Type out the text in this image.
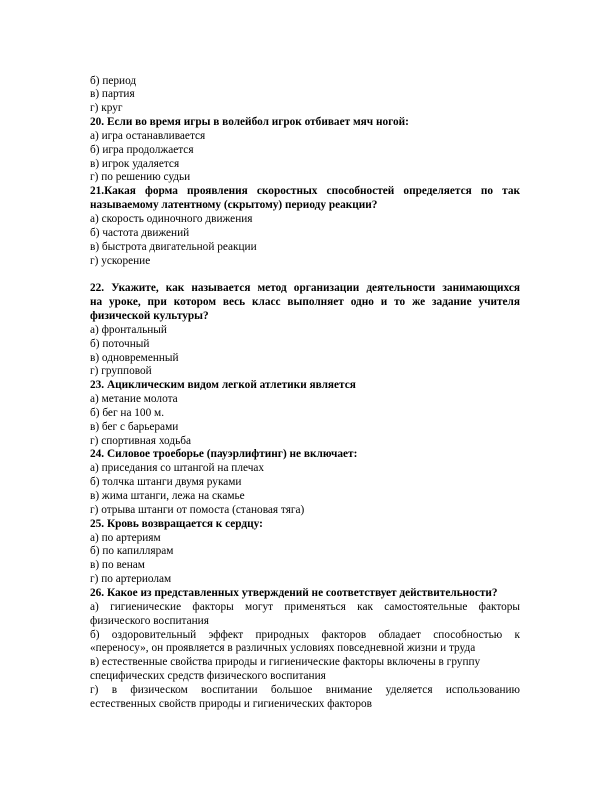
б) период
в) партия
г) круг
20. Если во время игры в волейбол игрок отбивает мяч ногой:
а) игра останавливается
б) игра продолжается
в) игрок удаляется
г) по решению судьи
21.Какая форма проявления скоростных способностей определяется по так
называемому латентному (скрытому) периоду реакции?
а) скорость одиночного движения
б) частота движений
в) быстрота двигательной реакции
г) ускорение
22. Укажите, как называется метод организации деятельности занимающихся
на уроке, при котором весь класс выполняет одно и то же задание учителя
физической культуры?
а) фронтальный
б) поточный
в) одновременный
г) групповой
23. Ациклическим видом легкой атлетики является
а) метание молота
б) бег на 100 м.
в) бег с барьерами
г) спортивная ходьба
24. Силовое троеборье (пауэрлифтинг) не включает:
а) приседания со штангой на плечах
б) толчка штанги двумя руками
в) жима штанги, лежа на скамье
г) отрыва штанги от помоста (становая тяга)
25. Кровь возвращается к сердцу:
а) по артериям
б) по капиллярам
в) по венам
г) по артериолам
26. Какое из представленных утверждений не соответствует действительности?
а) гигиенические факторы могут применяться как самостоятельные факторы
физического воспитания
б) оздоровительный эффект природных факторов обладает способностью к
«переносу», он проявляется в различных условиях повседневной жизни и труда
в) естественные свойства природы и гигиенические факторы включены в группу
специфических средств физического воспитания
г) в физическом воспитании большое внимание уделяется использованию
естественных свойств природы и гигиенических факторов
